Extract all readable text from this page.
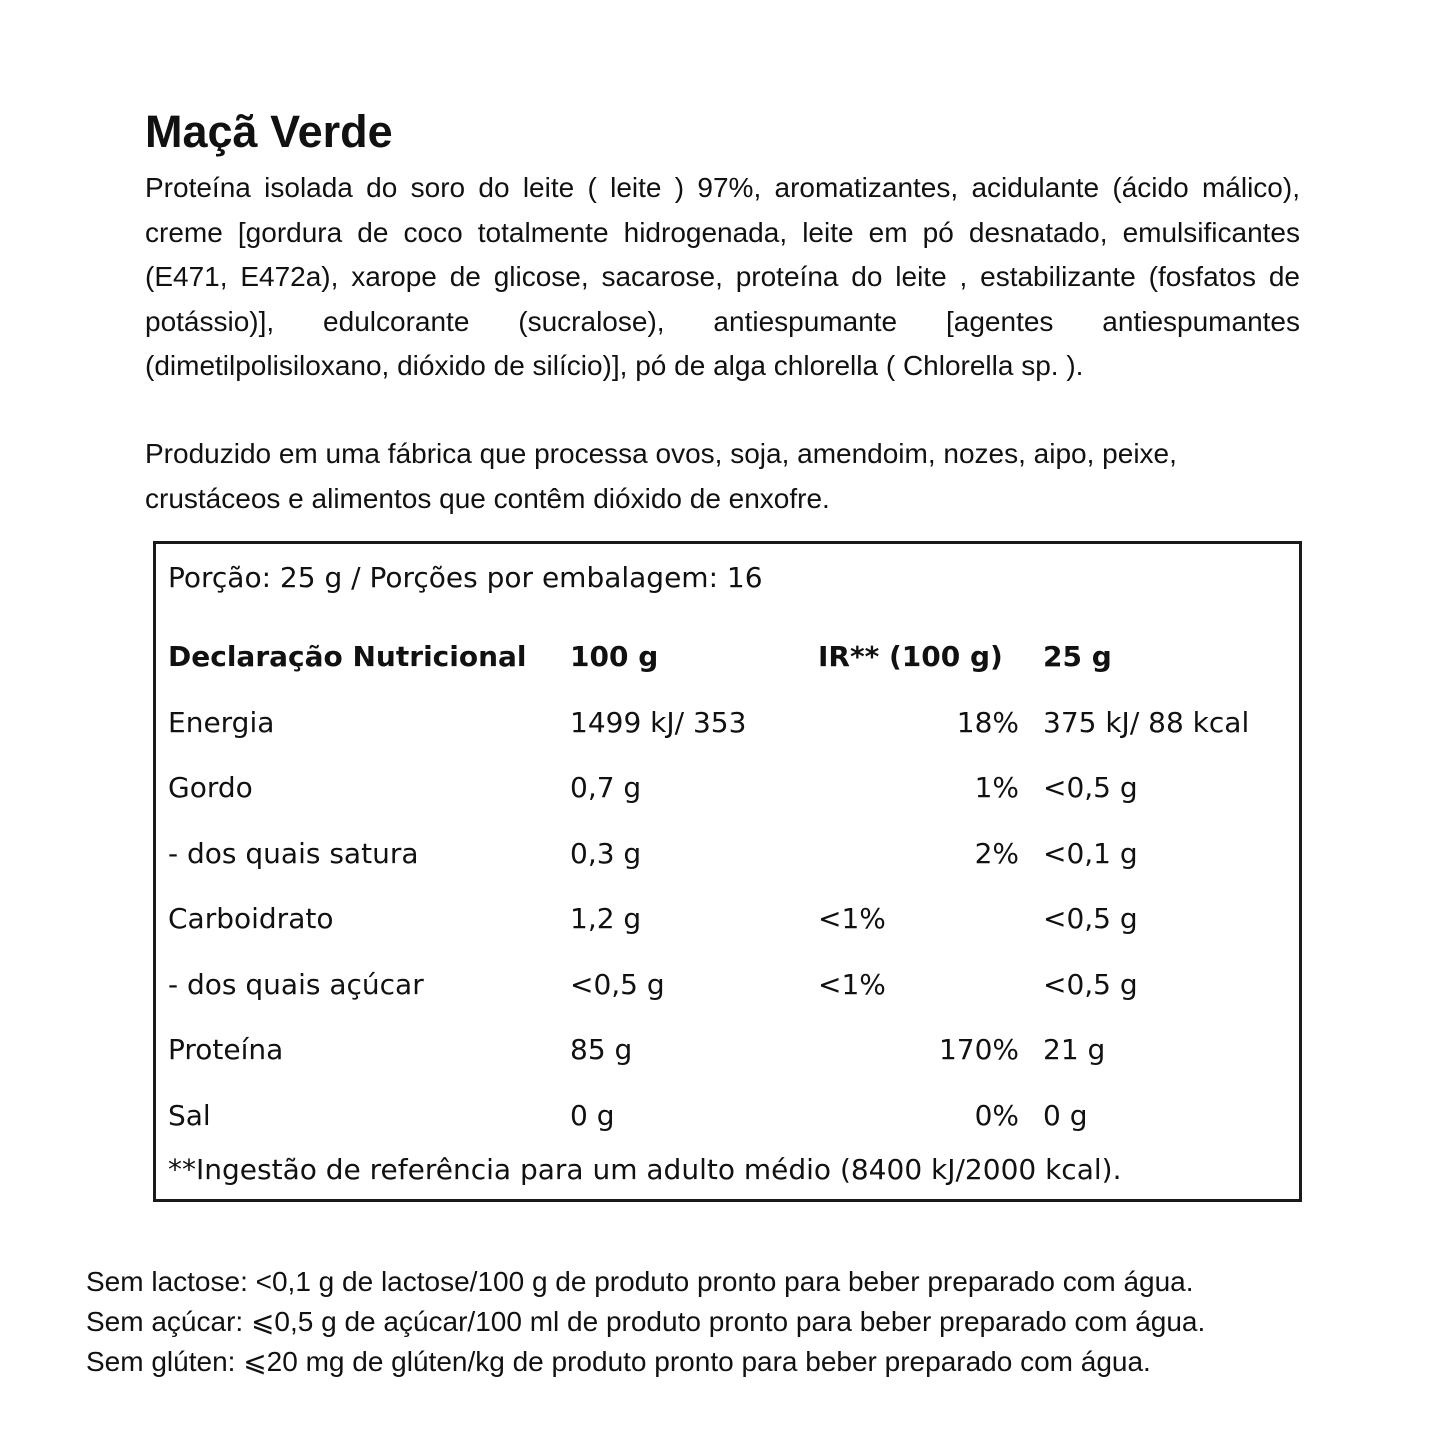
Maçã Verde

Proteína isolada do soro do leite ( leite ) 97%, aromatizantes, acidulante (ácido málico), creme [gordura de coco totalmente hidrogenada, leite em pó desnatado, emulsificantes (E471, E472a), xarope de glicose, sacarose, proteína do leite , estabilizante (fosfatos de potássio)], edulcorante (sucralose), antiespumante [agentes antiespumantes (dimetilpolisiloxano, dióxido de silício)], pó de alga chlorella ( Chlorella sp. ).

Produzido em uma fábrica que processa ovos, soja, amendoim, nozes, aipo, peixe, crustáceos e alimentos que contêm dióxido de enxofre.

Porção: 25 g / Porções por embalagem: 16
Declaração Nutricional	100 g	IR** (100 g)	25 g
Energia	1499 kJ/ 353	18%	375 kJ/ 88 kcal
Gordo	0,7 g	1%	<0,5 g
- dos quais satura	0,3 g	2%	<0,1 g
Carboidrato	1,2 g	<1%	<0,5 g
- dos quais açúcar	<0,5 g	<1%	<0,5 g
Proteína	85 g	170%	21 g
Sal	0 g	0%	0 g
**Ingestão de referência para um adulto médio (8400 kJ/2000 kcal).
Sem lactose: <0,1 g de lactose/100 g de produto pronto para beber preparado com água.
Sem açúcar: ⩽0,5 g de açúcar/100 ml de produto pronto para beber preparado com água.
Sem glúten: ⩽20 mg de glúten/kg de produto pronto para beber preparado com água.
